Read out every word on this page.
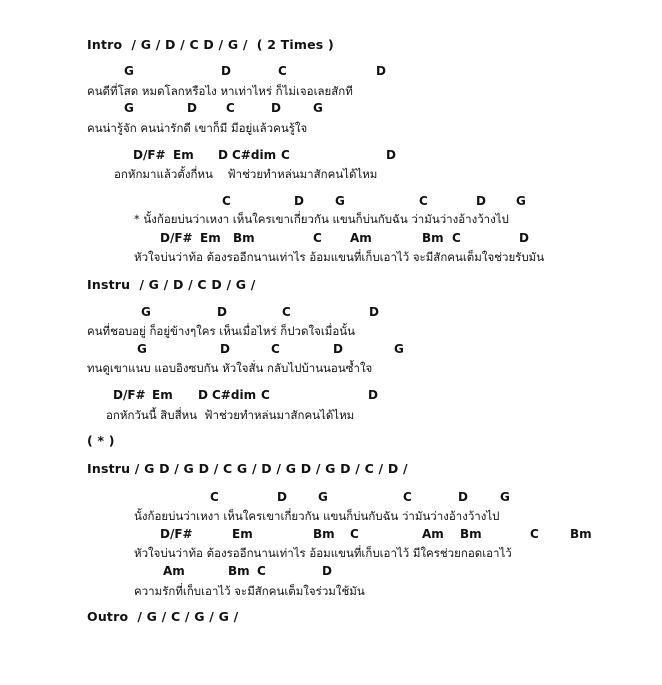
Intro  / G / D / C D / G /  ( 2 Times )
G	D	C	D
คนดีที่โสด หมดโลกหรือไง หาเท่าไหร่ ก็ไม่เจอเลยสักที
G	D C	D	G
คนน่ารู้จัก คนน่ารักดี เขาก็มี มีอยู่แล้วคนรู้ใจ
D/F# Em D C#dim C	D
อกหักมาแล้วตั้งกี่หน    ฟ้าช่วยทำหล่นมาสักคนได้ไหม
C	D	G	C	D	G
* นั้งก้อยบ่นว่าเหงา เห็นใครเขาเกี่ยวกัน แขนก็บ่นกับฉัน ว่ามันว่างอ้างว้างไป
D/F# Em Bm	C Am	Bm C	D
หัวใจบ่นว่าท้อ ต้องรออีกนานเท่าไร อ้อมแขนที่เก็บเอาไว้ จะมีสักคนเต็มใจช่วยรับมัน
Instru  / G / D / C D / G /
G	D	C	D
คนที่ชอบอยู่ ก็อยู่ข้างๆใคร เห็นเมื่อไหร่ ก็ปวดใจเมื่อนั้น
G	D	C	D	G
ทนดูเขาแนบ แอบอิงซบกัน หัวใจสั่น กลับไปบ้านนอนซ้ำใจ
D/F# Em D C#dim C	D
อกหักวันนี้ สิบสี่หน  ฟ้าช่วยทำหล่นมาสักคนได้ไหม
( * )
Instru / G D / G D / C G / D / G D / G D / C / D /
C	D	G	C	D	G
นั้งก้อยบ่นว่าเหงา เห็นใครเขาเกี่ยวกัน แขนก็บ่นกับฉัน ว่ามันว่างอ้างว้างไป
D/F#	Em	Bm C	Am Bm	C	Bm
หัวใจบ่นว่าท้อ ต้องรออีกนานเท่าไร อ้อมแขนที่เก็บเอาไว้ มีใครช่วยกอดเอาไว้
Am	Bm C	D
ความรักที่เก็บเอาไว้ จะมีสักคนเต็มใจร่วมใช้มัน
Outro  / G / C / G / G /
